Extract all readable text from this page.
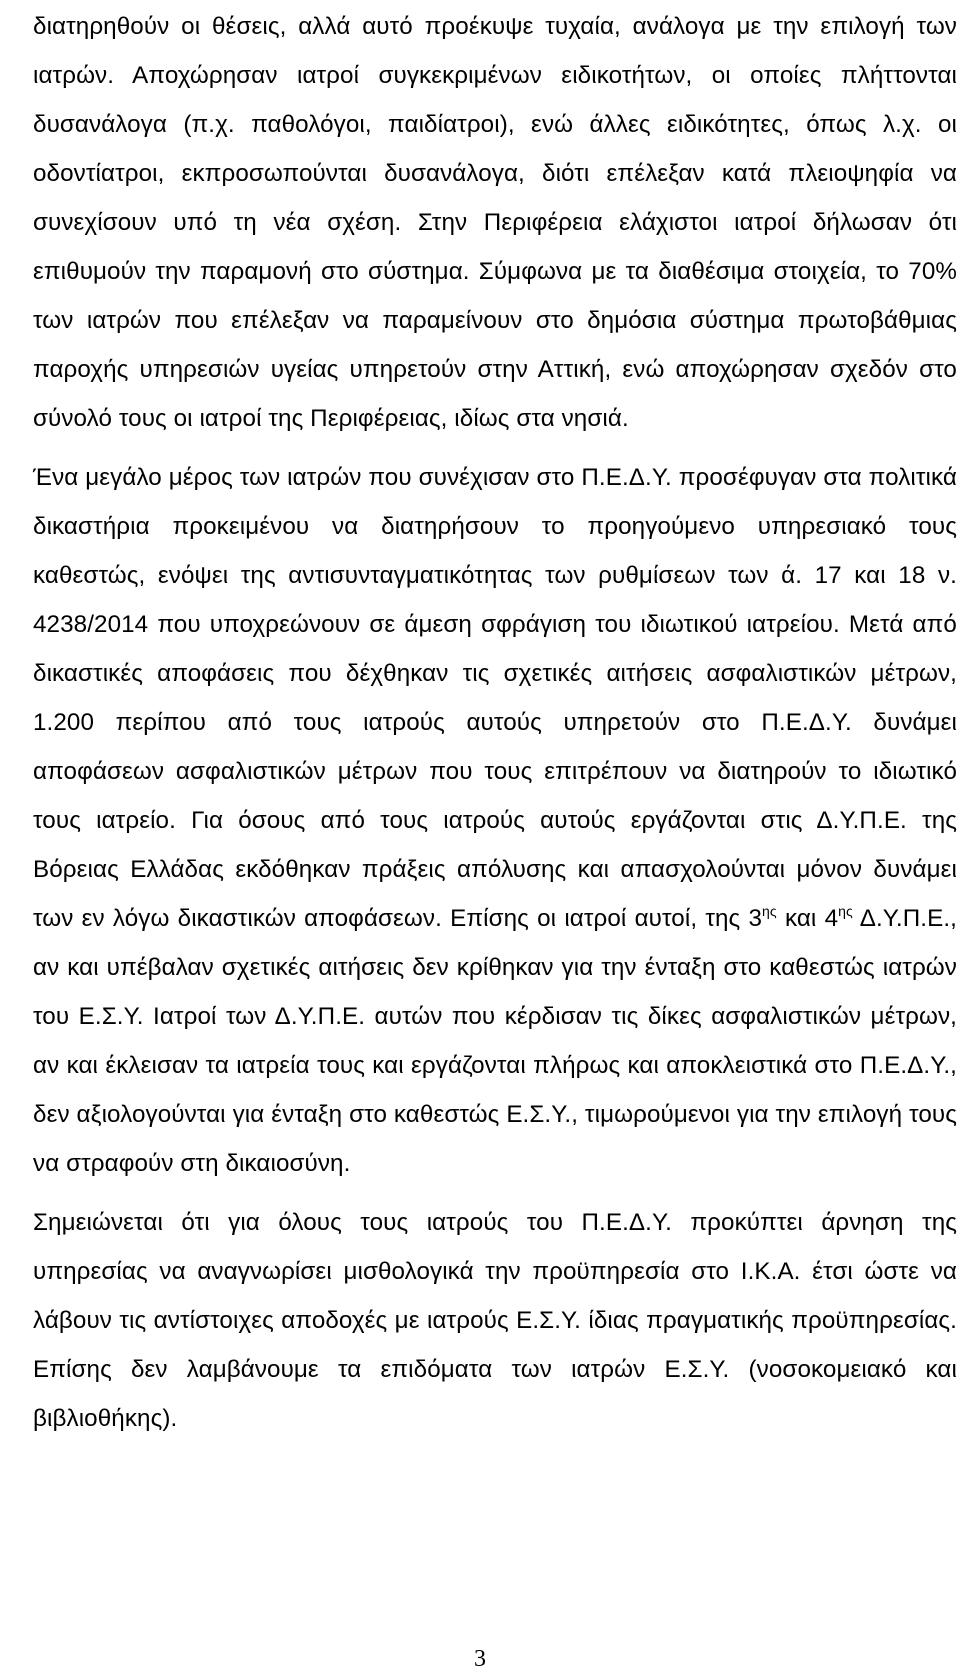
διατηρηθούν οι θέσεις, αλλά αυτό προέκυψε τυχαία, ανάλογα με την επιλογή των ιατρών. Αποχώρησαν ιατροί συγκεκριμένων ειδικοτήτων, οι οποίες πλήττονται δυσανάλογα (π.χ. παθολόγοι, παιδίατροι), ενώ άλλες ειδικότητες, όπως λ.χ. οι οδοντίατροι, εκπροσωπούνται δυσανάλογα, διότι επέλεξαν κατά πλειοψηφία να συνεχίσουν υπό τη νέα σχέση. Στην Περιφέρεια ελάχιστοι ιατροί δήλωσαν ότι επιθυμούν την παραμονή στο σύστημα. Σύμφωνα με τα διαθέσιμα στοιχεία, το 70% των ιατρών που επέλεξαν να παραμείνουν στο δημόσια σύστημα πρωτοβάθμιας παροχής υπηρεσιών υγείας υπηρετούν στην Αττική, ενώ αποχώρησαν σχεδόν στο σύνολό τους οι ιατροί της Περιφέρειας, ιδίως στα νησιά.

Ένα μεγάλο μέρος των ιατρών που συνέχισαν στο Π.Ε.Δ.Υ. προσέφυγαν στα πολιτικά δικαστήρια προκειμένου να διατηρήσουν το προηγούμενο υπηρεσιακό τους καθεστώς, ενόψει της αντισυνταγματικότητας των ρυθμίσεων των ά. 17 και 18 ν. 4238/2014 που υποχρεώνουν σε άμεση σφράγιση του ιδιωτικού ιατρείου. Μετά από δικαστικές αποφάσεις που δέχθηκαν τις σχετικές αιτήσεις ασφαλιστικών μέτρων, 1.200 περίπου από τους ιατρούς αυτούς υπηρετούν στο Π.Ε.Δ.Υ. δυνάμει αποφάσεων ασφαλιστικών μέτρων που τους επιτρέπουν να διατηρούν το ιδιωτικό τους ιατρείο. Για όσους από τους ιατρούς αυτούς εργάζονται στις Δ.Υ.Π.Ε. της Βόρειας Ελλάδας εκδόθηκαν πράξεις απόλυσης και απασχολούνται μόνον δυνάμει των εν λόγω δικαστικών αποφάσεων. Επίσης οι ιατροί αυτοί, της $3^{\eta\varsigma}$ και $4^{\eta\varsigma}$ Δ.Υ.Π.Ε., αν και υπέβαλαν σχετικές αιτήσεις δεν κρίθηκαν για την ένταξη στο καθεστώς ιατρών του Ε.Σ.Υ. Ιατροί των Δ.Υ.Π.Ε. αυτών που κέρδισαν τις δίκες ασφαλιστικών μέτρων, αν και έκλεισαν τα ιατρεία τους και εργάζονται πλήρως και αποκλειστικά στο Π.Ε.Δ.Υ., δεν αξιολογούνται για ένταξη στο καθεστώς Ε.Σ.Υ., τιμωρούμενοι για την επιλογή τους να στραφούν στη δικαιοσύνη.

Σημειώνεται ότι για όλους τους ιατρούς του Π.Ε.Δ.Υ. προκύπτει άρνηση της υπηρεσίας να αναγνωρίσει μισθολογικά την προϋπηρεσία στο Ι.Κ.Α. έτσι ώστε να λάβουν τις αντίστοιχες αποδοχές με ιατρούς Ε.Σ.Υ. ίδιας πραγματικής προϋπηρεσίας. Επίσης δεν λαμβάνουμε τα επιδόματα των ιατρών Ε.Σ.Υ. (νοσοκομειακό και βιβλιοθήκης).

3
